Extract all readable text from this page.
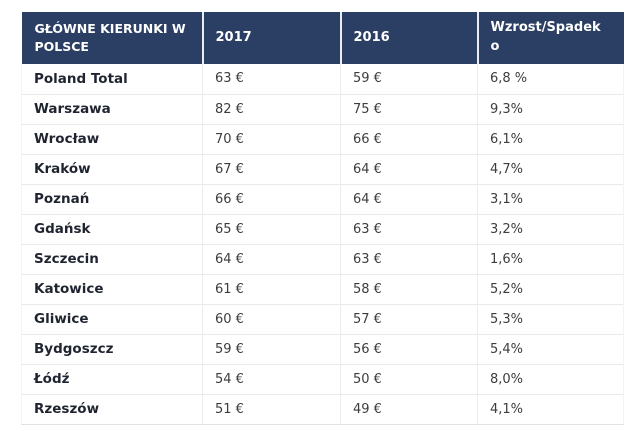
GŁÓWNE KIERUNKI W POLSCE	2017	2016	Wzrost/Spadek o
Poland Total	63 €	59 €	6,8 %
Warszawa	82 €	75 €	9,3%
Wrocław	70 €	66 €	6,1%
Kraków	67 €	64 €	4,7%
Poznań	66 €	64 €	3,1%
Gdańsk	65 €	63 €	3,2%
Szczecin	64 €	63 €	1,6%
Katowice	61 €	58 €	5,2%
Gliwice	60 €	57 €	5,3%
Bydgoszcz	59 €	56 €	5,4%
Łódź	54 €	50 €	8,0%
Rzeszów	51 €	49 €	4,1%
